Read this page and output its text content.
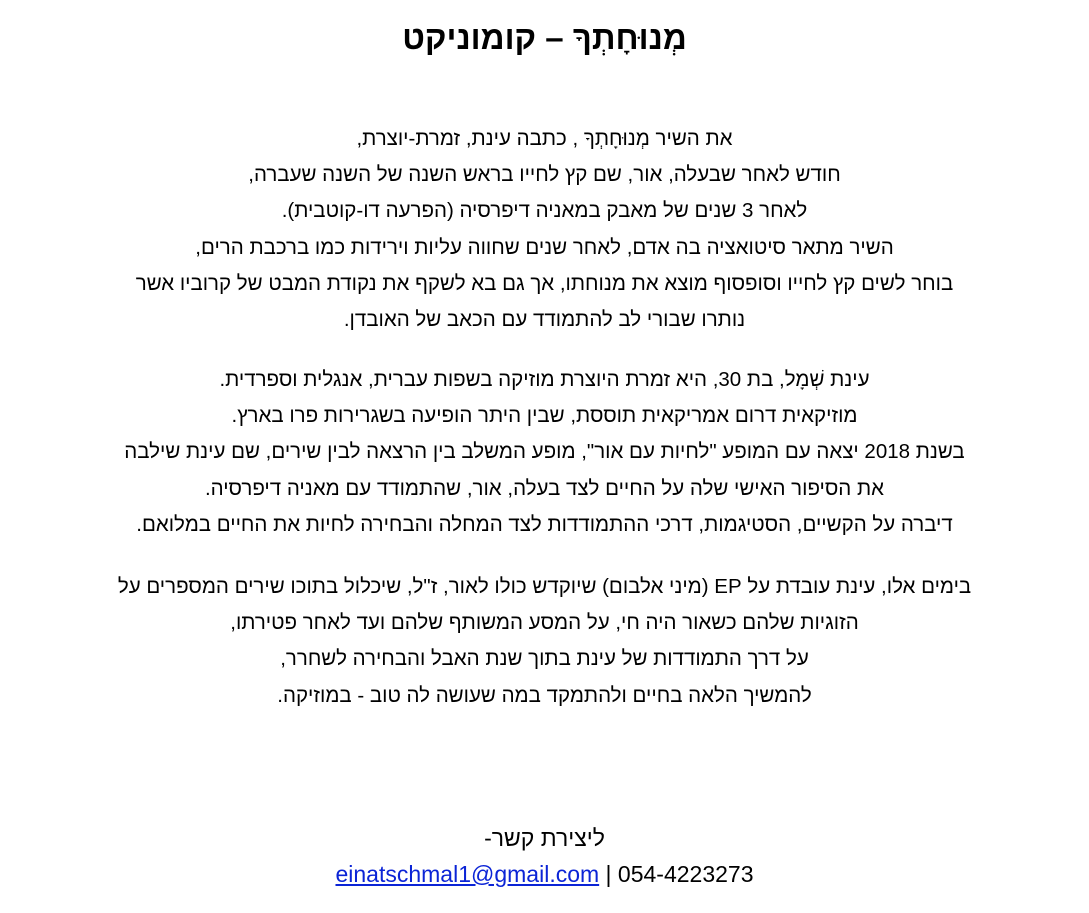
מְנוּחָתְךָ – קומוניקט

את השיר מְנוּחָתְךָ , כתבה עינת, זמרת-יוצרת,
חודש לאחר שבעלה, אור, שם קץ לחייו בראש השנה של השנה שעברה,
לאחר 3 שנים של מאבק במאניה דיפרסיה (הפרעה דו-קוטבית).
השיר מתאר סיטואציה בה אדם, לאחר שנים שחווה עליות וירידות כמו ברכבת הרים,
בוחר לשים קץ לחייו וסופסוף מוצא את מנוחתו, אך גם בא לשקף את נקודת המבט של קרוביו אשר
נותרו שבורי לב להתמודד עם הכאב של האובדן.

עינת שְׁמָל, בת 30, היא זמרת היוצרת מוזיקה בשפות עברית, אנגלית וספרדית.
מוזיקאית דרום אמריקאית תוססת, שבין היתר הופיעה בשגרירות פרו בארץ.
בשנת 2018 יצאה עם המופע "לחיות עם אור", מופע המשלב בין הרצאה לבין שירים, שם עינת שילבה
את הסיפור האישי שלה על החיים לצד בעלה, אור, שהתמודד עם מאניה דיפרסיה.
דיברה על הקשיים, הסטיגמות, דרכי ההתמודדות לצד המחלה והבחירה לחיות את החיים במלואם.

בימים אלו, עינת עובדת על EP (מיני אלבום) שיוקדש כולו לאור, ז"ל, שיכלול בתוכו שירים המספרים על
הזוגיות שלהם כשאור היה חי, על המסע המשותף שלהם ועד לאחר פטירתו,
על דרך התמודדות של עינת בתוך שנת האבל והבחירה לשחרר,
להמשיך הלאה בחיים ולהתמקד במה שעושה לה טוב - במוזיקה.

ליצירת קשר-
einatschmal1@gmail.com | 054-4223273
